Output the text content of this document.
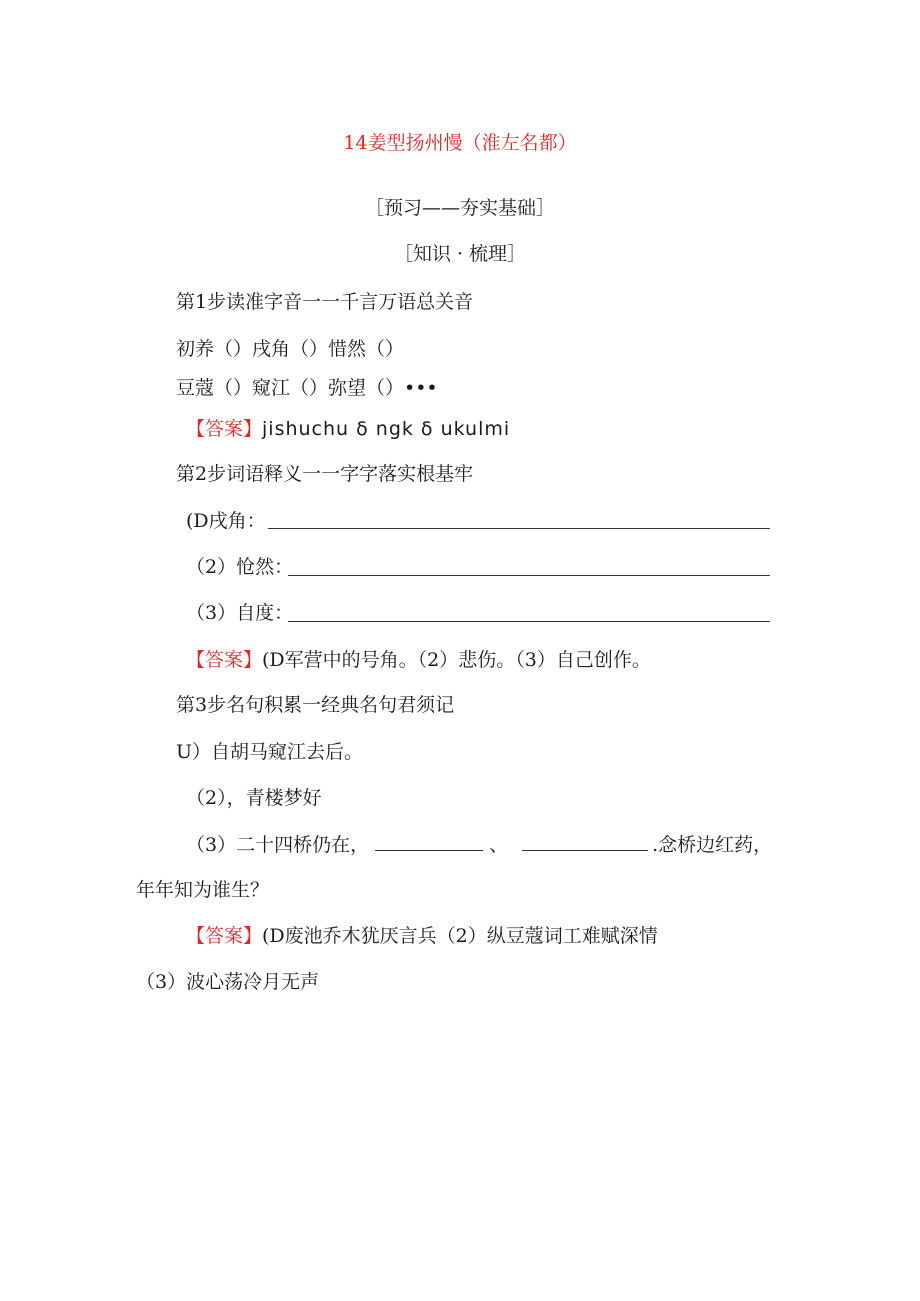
14姜型扬州慢（淮左名都）
［预习——夯实基础］
［知识 · 梳理］
第1步读准字音一一千言万语总关音
初养（）戌角（）惜然（）
豆蔻（）窥江（）弥望（）•••
【答案】jishuchu δ ngk δ ukulmi
第2步词语释义一一字字落实根基牢
(D戌角：
（2）怆然：
（3）自度：
【答案】(D军营中的号角。（2）悲伤。（3）自己创作。
第3步名句积累一经典名句君须记
U）自胡马窥江去后。
（2），青楼梦好
（3）二十四桥仍在，	、	.念桥边红药，
年年知为谁生？
【答案】(D废池乔木犹厌言兵（2）纵豆蔻词工难赋深情
（3）波心荡冷月无声
